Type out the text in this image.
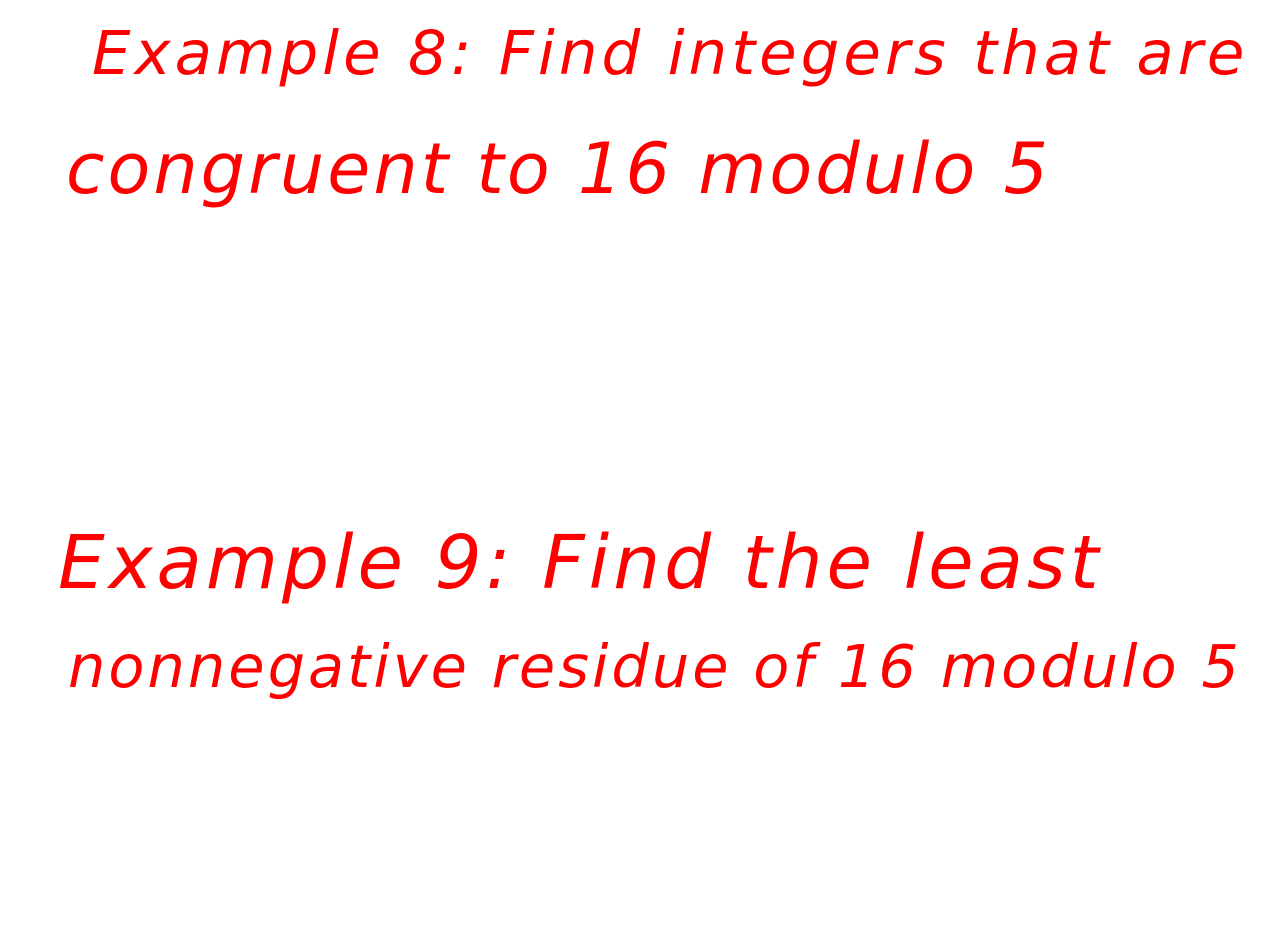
Example 8: Find integers that are
congruent to 16 modulo 5
Example 9: Find the least
nonnegative residue of 16 modulo 5
